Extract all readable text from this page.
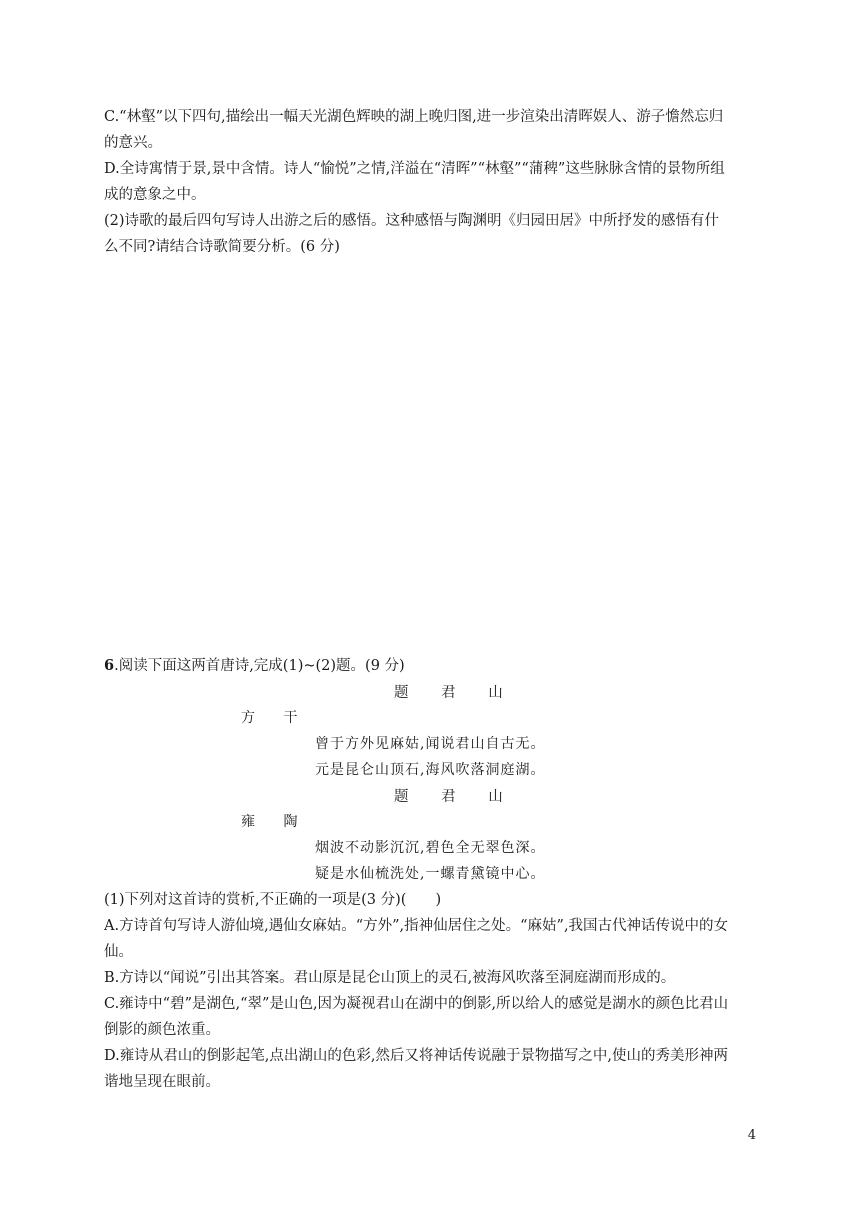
C.“林壑”以下四句,描绘出一幅天光湖色辉映的湖上晚归图,进一步渲染出清晖娱人、游子憺然忘归
的意兴。
D.全诗寓情于景,景中含情。诗人“愉悦”之情,洋溢在“清晖”“林壑”“蒲稗”这些脉脉含情的景物所组
成的意象之中。
(2)诗歌的最后四句写诗人出游之后的感悟。这种感悟与陶渊明《归园田居》中所抒发的感悟有什
么不同?请结合诗歌简要分析。(6 分)
6.阅读下面这两首唐诗,完成(1)~(2)题。(9 分)
题 君 山
方 干
曾于方外见麻姑,闻说君山自古无。
元是昆仑山顶石,海风吹落洞庭湖。
题 君 山
雍 陶
烟波不动影沉沉,碧色全无翠色深。
疑是水仙梳洗处,一螺青黛镜中心。
(1)下列对这首诗的赏析,不正确的一项是(3 分)(　　)
A.方诗首句写诗人游仙境,遇仙女麻姑。“方外”,指神仙居住之处。“麻姑”,我国古代神话传说中的女
仙。
B.方诗以“闻说”引出其答案。君山原是昆仑山顶上的灵石,被海风吹落至洞庭湖而形成的。
C.雍诗中“碧”是湖色,“翠”是山色,因为凝视君山在湖中的倒影,所以给人的感觉是湖水的颜色比君山
倒影的颜色浓重。
D.雍诗从君山的倒影起笔,点出湖山的色彩,然后又将神话传说融于景物描写之中,使山的秀美形神两
谐地呈现在眼前。
4
